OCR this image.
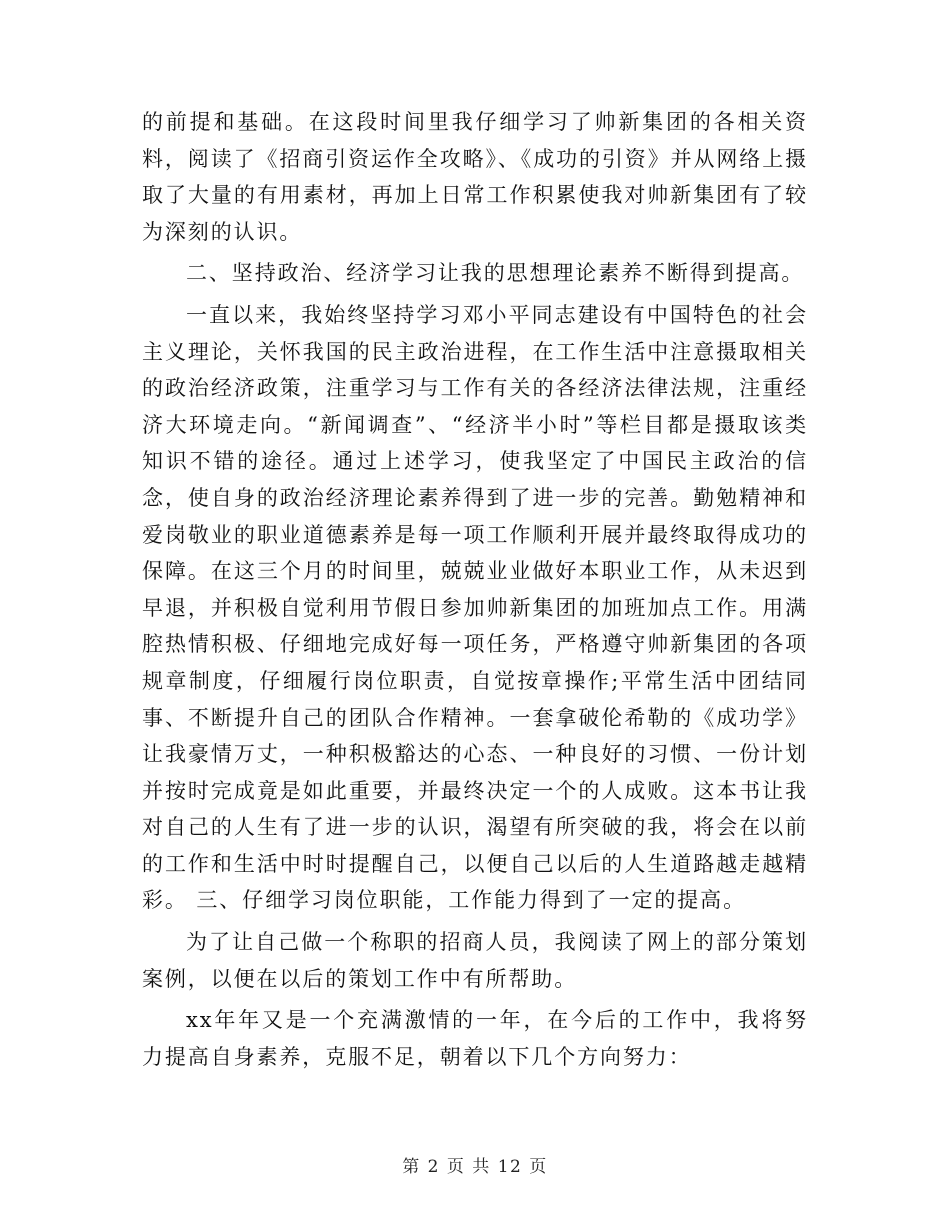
的前提和基础。在这段时间里我仔细学习了帅新集团的各相关资料，阅读了《招商引资运作全攻略》、《成功的引资》并从网络上摄取了大量的有用素材，再加上日常工作积累使我对帅新集团有了较为深刻的认识。

二、坚持政治、经济学习让我的思想理论素养不断得到提高。

一直以来，我始终坚持学习邓小平同志建设有中国特色的社会主义理论，关怀我国的民主政治进程，在工作生活中注意摄取相关的政治经济政策，注重学习与工作有关的各经济法律法规，注重经济大环境走向。“新闻调查”、“经济半小时”等栏目都是摄取该类知识不错的途径。通过上述学习，使我坚定了中国民主政治的信念，使自身的政治经济理论素养得到了进一步的完善。勤勉精神和爱岗敬业的职业道德素养是每一项工作顺利开展并最终取得成功的保障。在这三个月的时间里，兢兢业业做好本职业工作，从未迟到早退，并积极自觉利用节假日参加帅新集团的加班加点工作。用满腔热情积极、仔细地完成好每一项任务，严格遵守帅新集团的各项规章制度，仔细履行岗位职责，自觉按章操作;平常生活中团结同事、不断提升自己的团队合作精神。一套拿破伦希勒的《成功学》让我豪情万丈，一种积极豁达的心态、一种良好的习惯、一份计划并按时完成竟是如此重要，并最终决定一个的人成败。这本书让我对自己的人生有了进一步的认识，渴望有所突破的我，将会在以前的工作和生活中时时提醒自己，以便自己以后的人生道路越走越精彩。 三、仔细学习岗位职能，工作能力得到了一定的提高。

为了让自己做一个称职的招商人员，我阅读了网上的部分策划案例，以便在以后的策划工作中有所帮助。

xx年年又是一个充满激情的一年，在今后的工作中，我将努力提高自身素养，克服不足，朝着以下几个方向努力：

第 2 页 共 12 页
